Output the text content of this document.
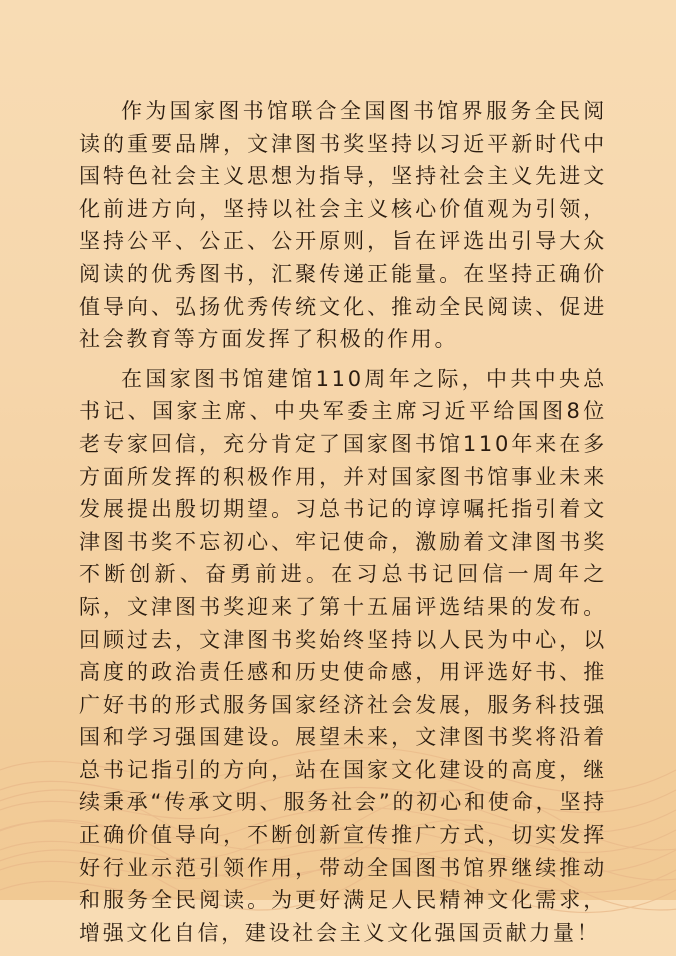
作为国家图书馆联合全国图书馆界服务全民阅读的重要品牌，文津图书奖坚持以习近平新时代中国特色社会主义思想为指导，坚持社会主义先进文化前进方向，坚持以社会主义核心价值观为引领，坚持公平、公正、公开原则，旨在评选出引导大众阅读的优秀图书，汇聚传递正能量。在坚持正确价值导向、弘扬优秀传统文化、推动全民阅读、促进社会教育等方面发挥了积极的作用。

在国家图书馆建馆110周年之际，中共中央总书记、国家主席、中央军委主席习近平给国图8位老专家回信，充分肯定了国家图书馆110年来在多方面所发挥的积极作用，并对国家图书馆事业未来发展提出殷切期望。习总书记的谆谆嘱托指引着文津图书奖不忘初心、牢记使命，激励着文津图书奖不断创新、奋勇前进。在习总书记回信一周年之际，文津图书奖迎来了第十五届评选结果的发布。回顾过去，文津图书奖始终坚持以人民为中心，以高度的政治责任感和历史使命感，用评选好书、推广好书的形式服务国家经济社会发展，服务科技强国和学习强国建设。展望未来，文津图书奖将沿着总书记指引的方向，站在国家文化建设的高度，继续秉承“传承文明、服务社会”的初心和使命，坚持正确价值导向，不断创新宣传推广方式，切实发挥好行业示范引领作用，带动全国图书馆界继续推动和服务全民阅读。为更好满足人民精神文化需求，增强文化自信，建设社会主义文化强国贡献力量！
